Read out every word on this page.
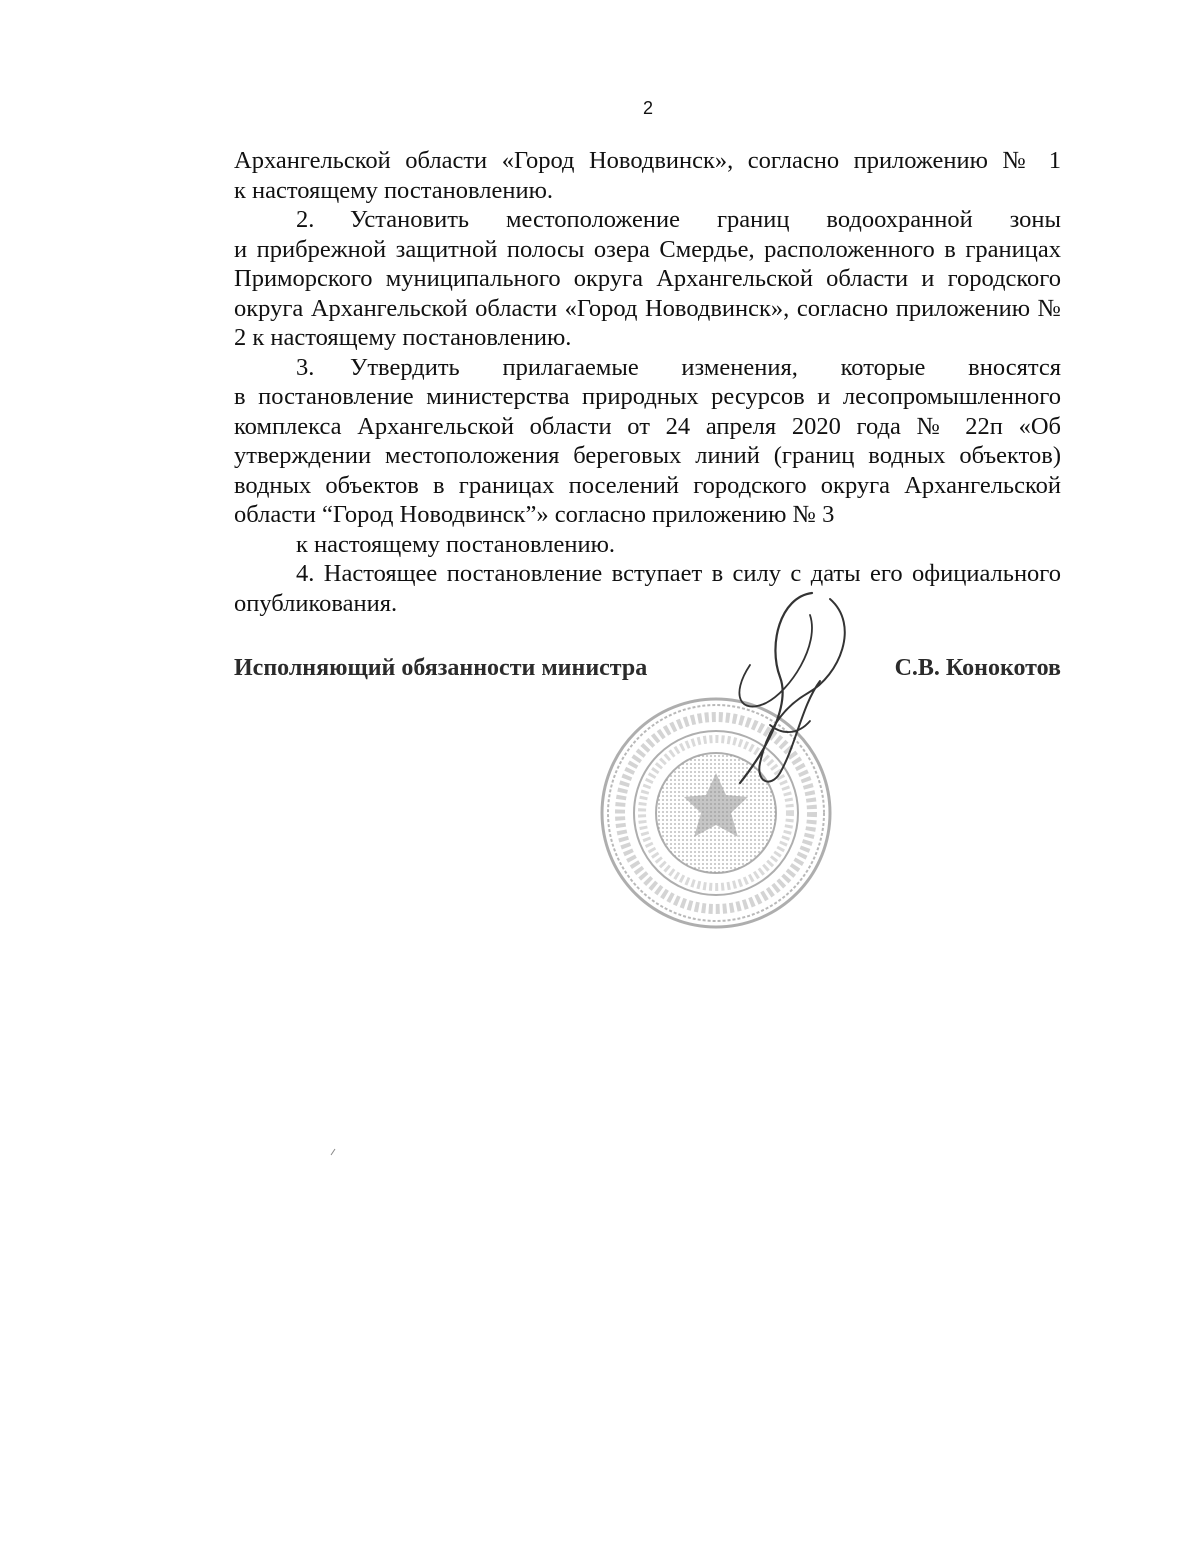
2

Архангельской области «Город Новодвинск», согласно приложению № 1
к настоящему постановлению.

2. Установить местоположение границ водоохранной зоны
и прибрежной защитной полосы озера Смердье, расположенного в границах Приморского муниципального округа Архангельской области и городского округа Архангельской области «Город Новодвинск», согласно приложению № 2 к настоящему постановлению.

3. Утвердить прилагаемые изменения, которые вносятся
в постановление министерства природных ресурсов и лесопромышленного комплекса Архангельской области от 24 апреля 2020 года № 22п «Об утверждении местоположения береговых линий (границ водных объектов) водных объектов в границах поселений городского округа Архангельской области “Город Новодвинск”» согласно приложению № 3
к настоящему постановлению.

4. Настоящее постановление вступает в силу с даты его официального опубликования.

Исполняющий обязанности министра	С.В. Конокотов
